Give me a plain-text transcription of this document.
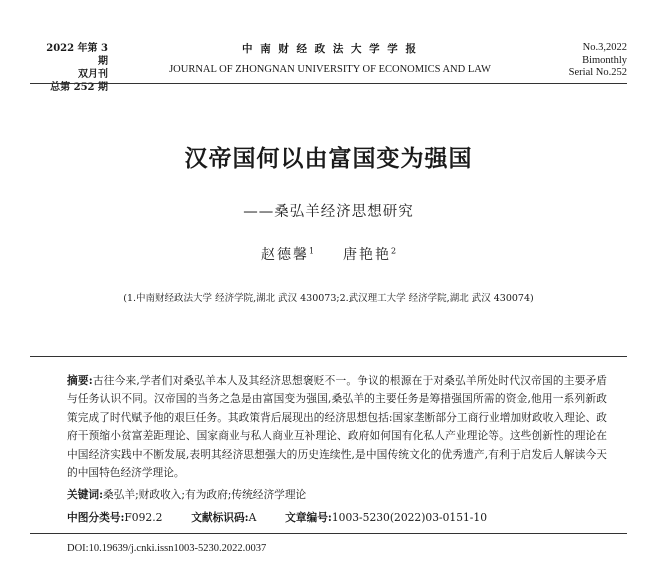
2022 年第 3 期
双月刊
总第 252 期
中 南 财 经 政 法 大 学 学 报
JOURNAL OF ZHONGNAN UNIVERSITY OF ECONOMICS AND LAW
No.3,2022
Bimonthly
Serial No.252
汉帝国何以由富国变为强国
——桑弘羊经济思想研究
赵德馨$^1$ 唐艳艳$^2$
(1.中南财经政法大学 经济学院,湖北 武汉 430073;2.武汉理工大学 经济学院,湖北 武汉 430074)
摘要:古往今来,学者们对桑弘羊本人及其经济思想褒贬不一。争议的根源在于对桑弘羊所处时代汉帝国的主要矛盾与任务认识不同。汉帝国的当务之急是由富国变为强国,桑弘羊的主要任务是筹措强国所需的资金,他用一系列新政策完成了时代赋予他的艰巨任务。其政策背后展现出的经济思想包括:国家垄断部分工商行业增加财政收入理论、政府干预缩小贫富差距理论、国家商业与私人商业互补理论、政府如何国有化私人产业理论等。这些创新性的理论在中国经济实践中不断发展,表明其经济思想强大的历史连续性,是中国传统文化的优秀遗产,有利于启发后人解读今天的中国特色经济学理论。
关键词:桑弘羊;财政收入;有为政府;传统经济学理论
中图分类号:F092.2	文献标识码:A	文章编号:1003-5230(2022)03-0151-10
DOI:10.19639/j.cnki.issn1003-5230.2022.0037
